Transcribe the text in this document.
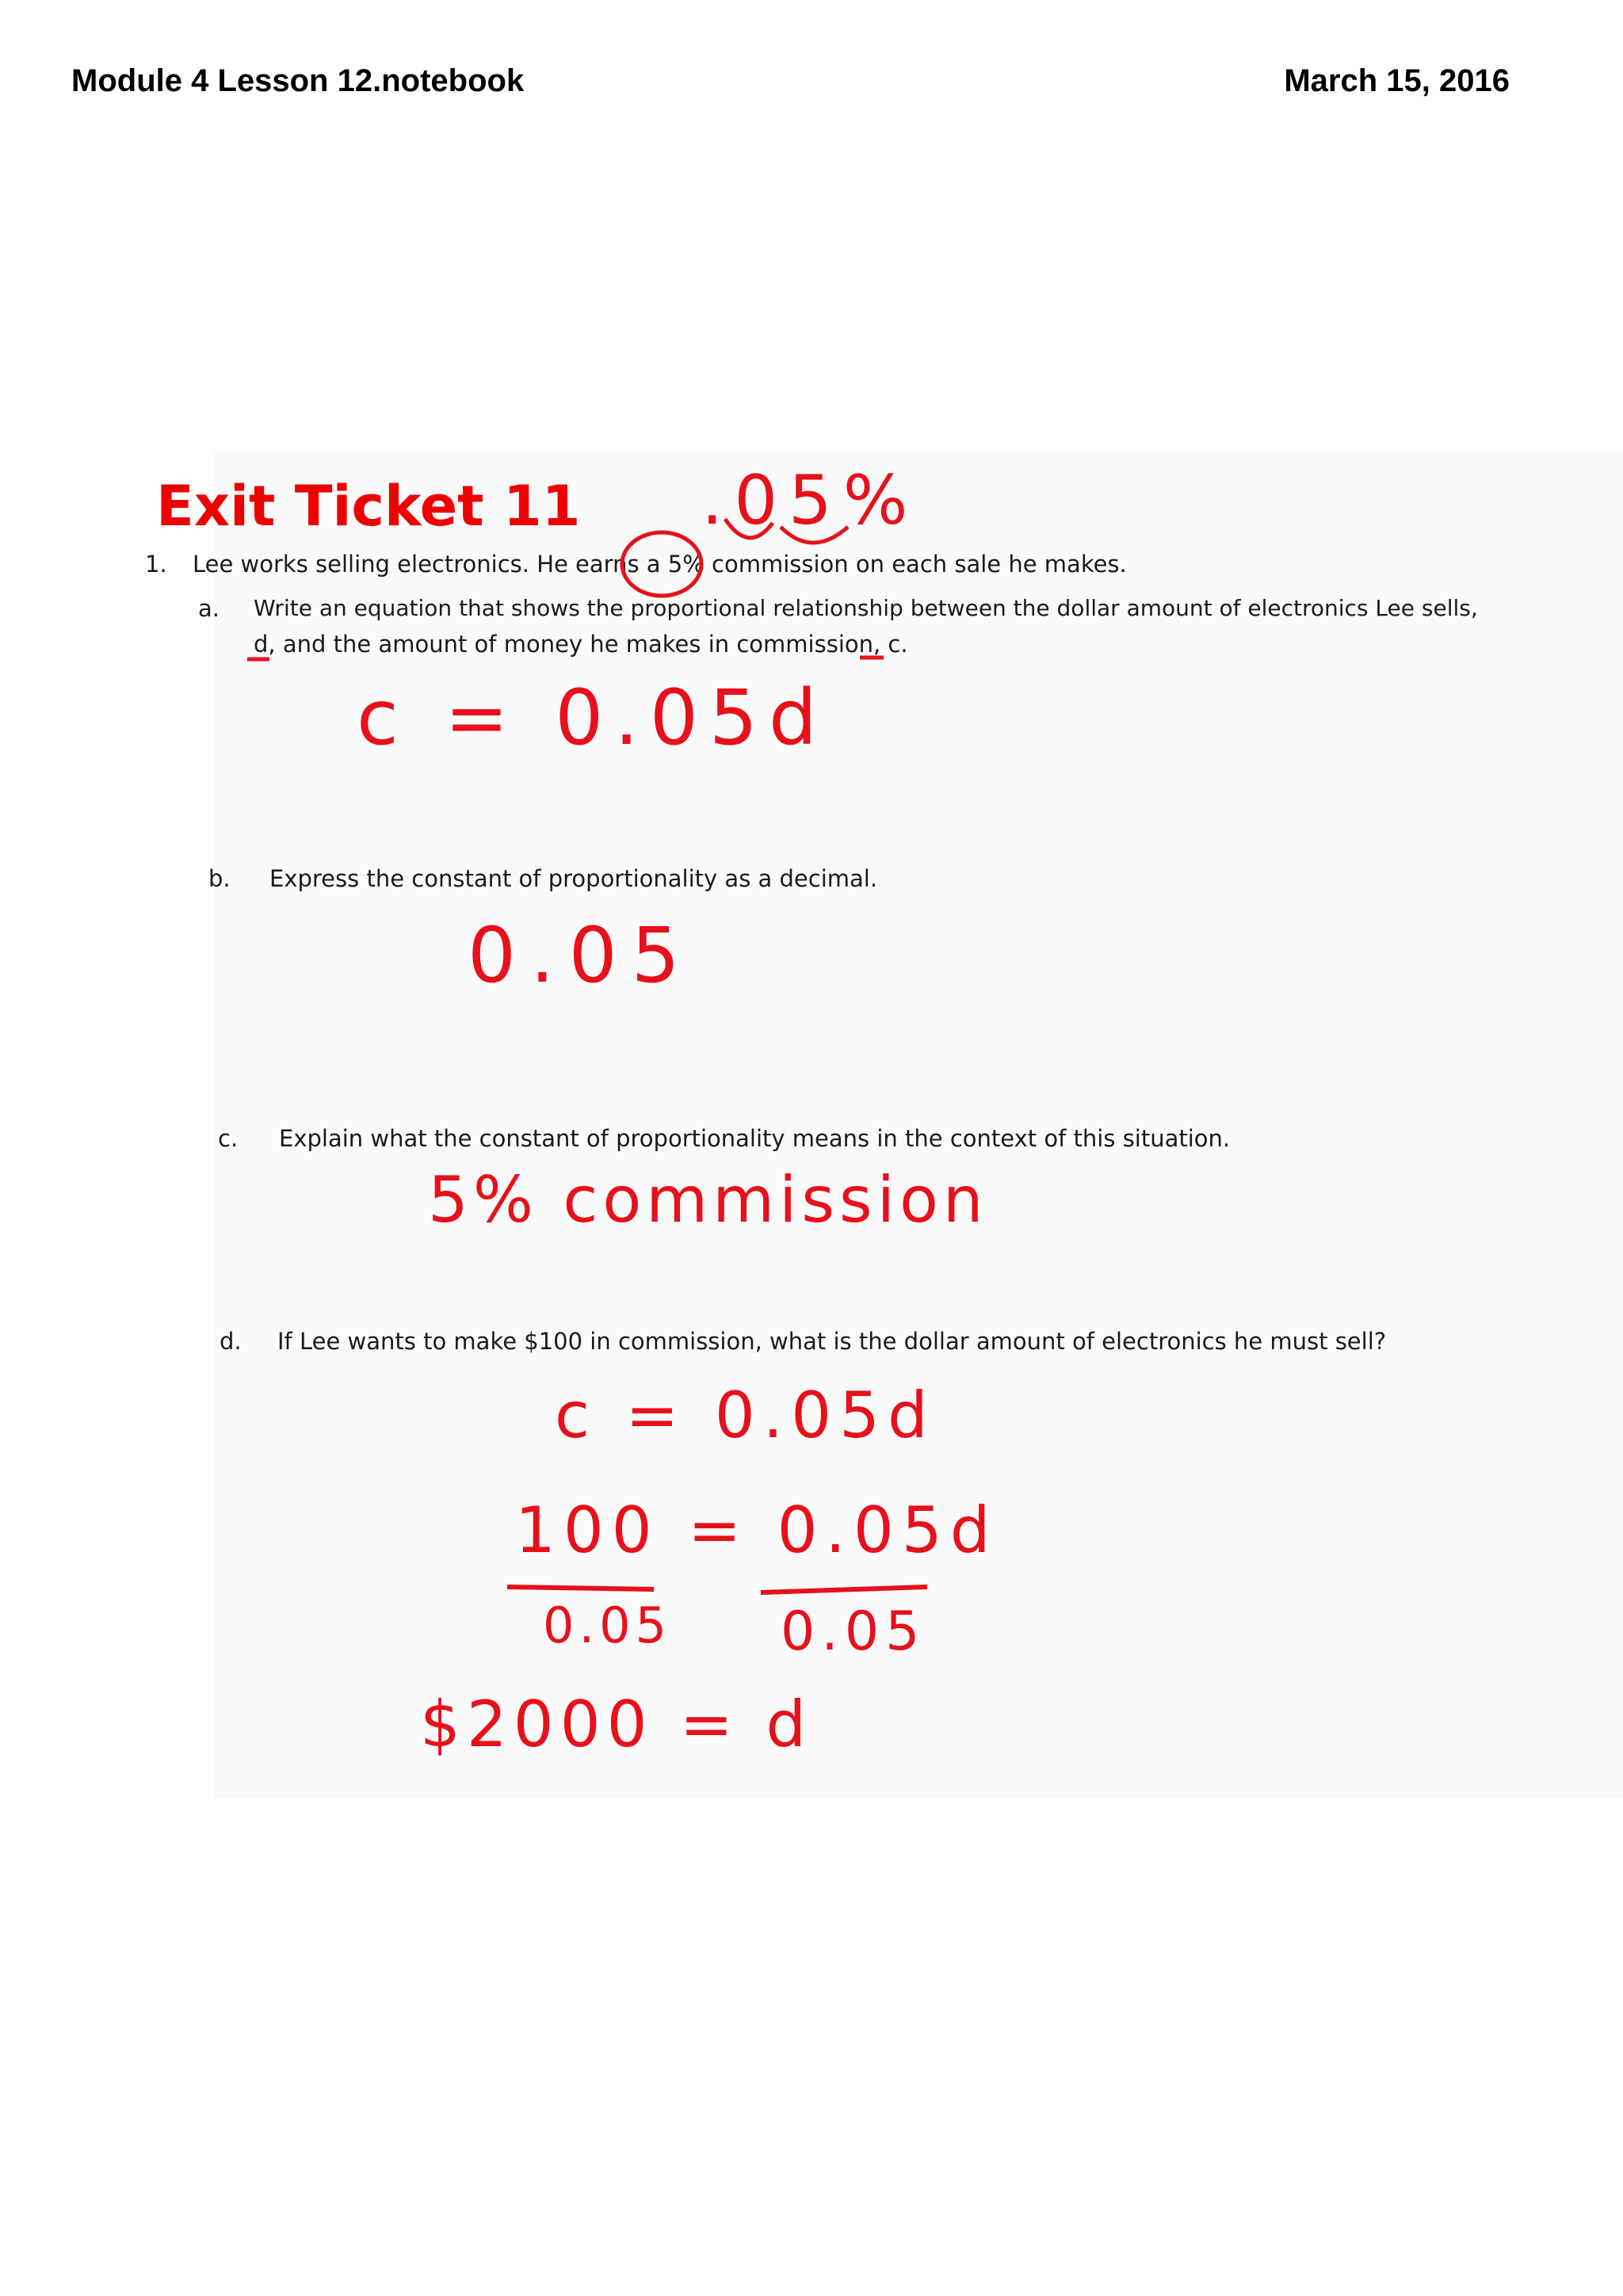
Module 4 Lesson 12.notebook	March 15, 2016
Exit Ticket 11
1. Lee works selling electronics. He earns a 5% commission on each sale he makes.
a. Write an equation that shows the proportional relationship between the dollar amount of electronics Lee sells,
d, and the amount of money he makes in commission, c.
b. Express the constant of proportionality as a decimal.
c. Explain what the constant of proportionality means in the context of this situation.
d. If Lee wants to make $100 in commission, what is the dollar amount of electronics he must sell?
.05%
c = 0.05d
0.05
5% commission
c = 0.05d
100 = 0.05d
0.05 0.05
$2000 = d
